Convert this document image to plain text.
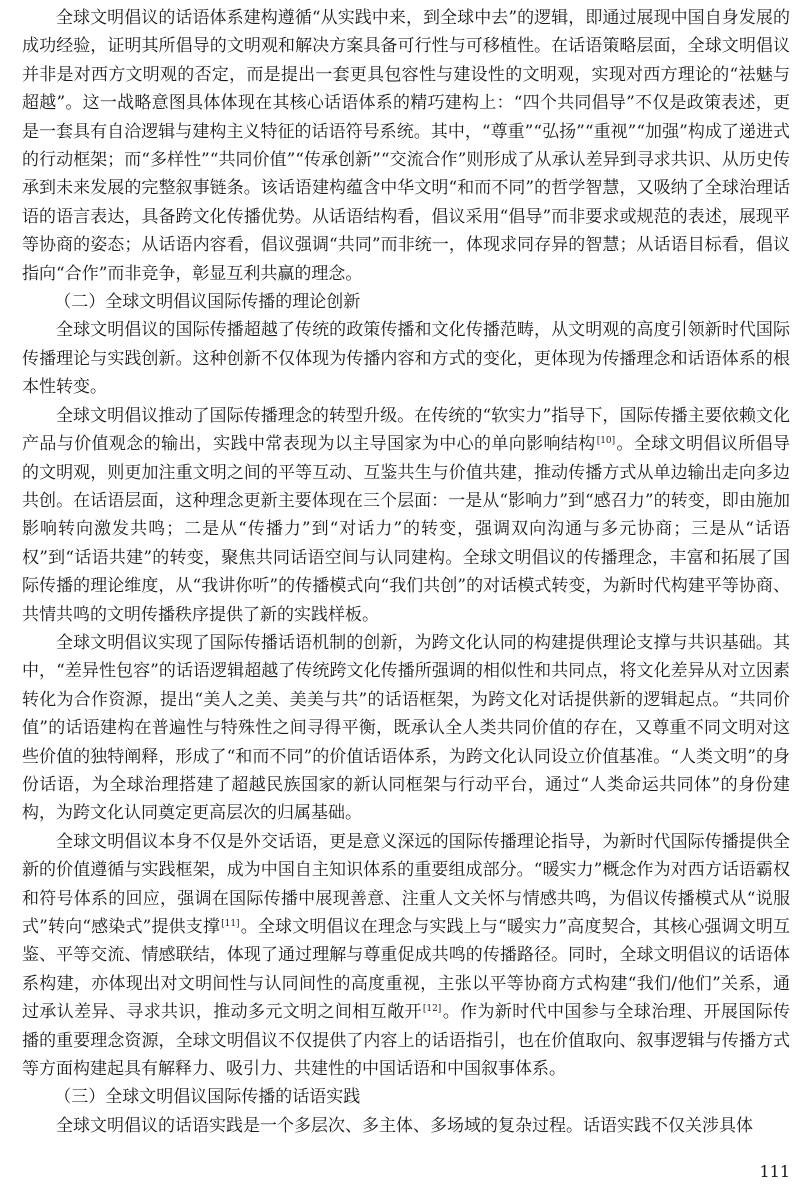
全球文明倡议的话语体系建构遵循“从实践中来，到全球中去”的逻辑，即通过展现中国自身发展的成功经验，证明其所倡导的文明观和解决方案具备可行性与可移植性。在话语策略层面，全球文明倡议并非是对西方文明观的否定，而是提出一套更具包容性与建设性的文明观，实现对西方理论的“祛魅与超越”。这一战略意图具体体现在其核心话语体系的精巧建构上：“四个共同倡导”不仅是政策表述，更是一套具有自洽逻辑与建构主义特征的话语符号系统。其中，“尊重”“弘扬”“重视”“加强”构成了递进式的行动框架；而“多样性”“共同价值”“传承创新”“交流合作”则形成了从承认差异到寻求共识、从历史传承到未来发展的完整叙事链条。该话语建构蕴含中华文明“和而不同”的哲学智慧，又吸纳了全球治理话语的语言表达，具备跨文化传播优势。从话语结构看，倡议采用“倡导”而非要求或规范的表述，展现平等协商的姿态；从话语内容看，倡议强调“共同”而非统一，体现求同存异的智慧；从话语目标看，倡议指向“合作”而非竞争，彰显互利共赢的理念。

（二）全球文明倡议国际传播的理论创新

全球文明倡议的国际传播超越了传统的政策传播和文化传播范畴，从文明观的高度引领新时代国际传播理论与实践创新。这种创新不仅体现为传播内容和方式的变化，更体现为传播理念和话语体系的根本性转变。

全球文明倡议推动了国际传播理念的转型升级。在传统的“软实力”指导下，国际传播主要依赖文化产品与价值观念的输出，实践中常表现为以主导国家为中心的单向影响结构[10]。全球文明倡议所倡导的文明观，则更加注重文明之间的平等互动、互鉴共生与价值共建，推动传播方式从单边输出走向多边共创。在话语层面，这种理念更新主要体现在三个层面：一是从“影响力”到“感召力”的转变，即由施加影响转向激发共鸣；二是从“传播力”到“对话力”的转变，强调双向沟通与多元协商；三是从“话语权”到“话语共建”的转变，聚焦共同话语空间与认同建构。全球文明倡议的传播理念，丰富和拓展了国际传播的理论维度，从“我讲你听”的传播模式向“我们共创”的对话模式转变，为新时代构建平等协商、共情共鸣的文明传播秩序提供了新的实践样板。

全球文明倡议实现了国际传播话语机制的创新，为跨文化认同的构建提供理论支撑与共识基础。其中，“差异性包容”的话语逻辑超越了传统跨文化传播所强调的相似性和共同点，将文化差异从对立因素转化为合作资源，提出“美人之美、美美与共”的话语框架，为跨文化对话提供新的逻辑起点。“共同价值”的话语建构在普遍性与特殊性之间寻得平衡，既承认全人类共同价值的存在，又尊重不同文明对这些价值的独特阐释，形成了“和而不同”的价值话语体系，为跨文化认同设立价值基准。“人类文明”的身份话语，为全球治理搭建了超越民族国家的新认同框架与行动平台，通过“人类命运共同体”的身份建构，为跨文化认同奠定更高层次的归属基础。

全球文明倡议本身不仅是外交话语，更是意义深远的国际传播理论指导，为新时代国际传播提供全新的价值遵循与实践框架，成为中国自主知识体系的重要组成部分。“暖实力”概念作为对西方话语霸权和符号体系的回应，强调在国际传播中展现善意、注重人文关怀与情感共鸣，为倡议传播模式从“说服式”转向“感染式”提供支撑[11]。全球文明倡议在理念与实践上与“暖实力”高度契合，其核心强调文明互鉴、平等交流、情感联结，体现了通过理解与尊重促成共鸣的传播路径。同时，全球文明倡议的话语体系构建，亦体现出对文明间性与认同间性的高度重视，主张以平等协商方式构建“我们/他们”关系，通过承认差异、寻求共识，推动多元文明之间相互敞开[12]。作为新时代中国参与全球治理、开展国际传播的重要理念资源，全球文明倡议不仅提供了内容上的话语指引，也在价值取向、叙事逻辑与传播方式等方面构建起具有解释力、吸引力、共建性的中国话语和中国叙事体系。

（三）全球文明倡议国际传播的话语实践

全球文明倡议的话语实践是一个多层次、多主体、多场域的复杂过程。话语实践不仅关涉具体

111
